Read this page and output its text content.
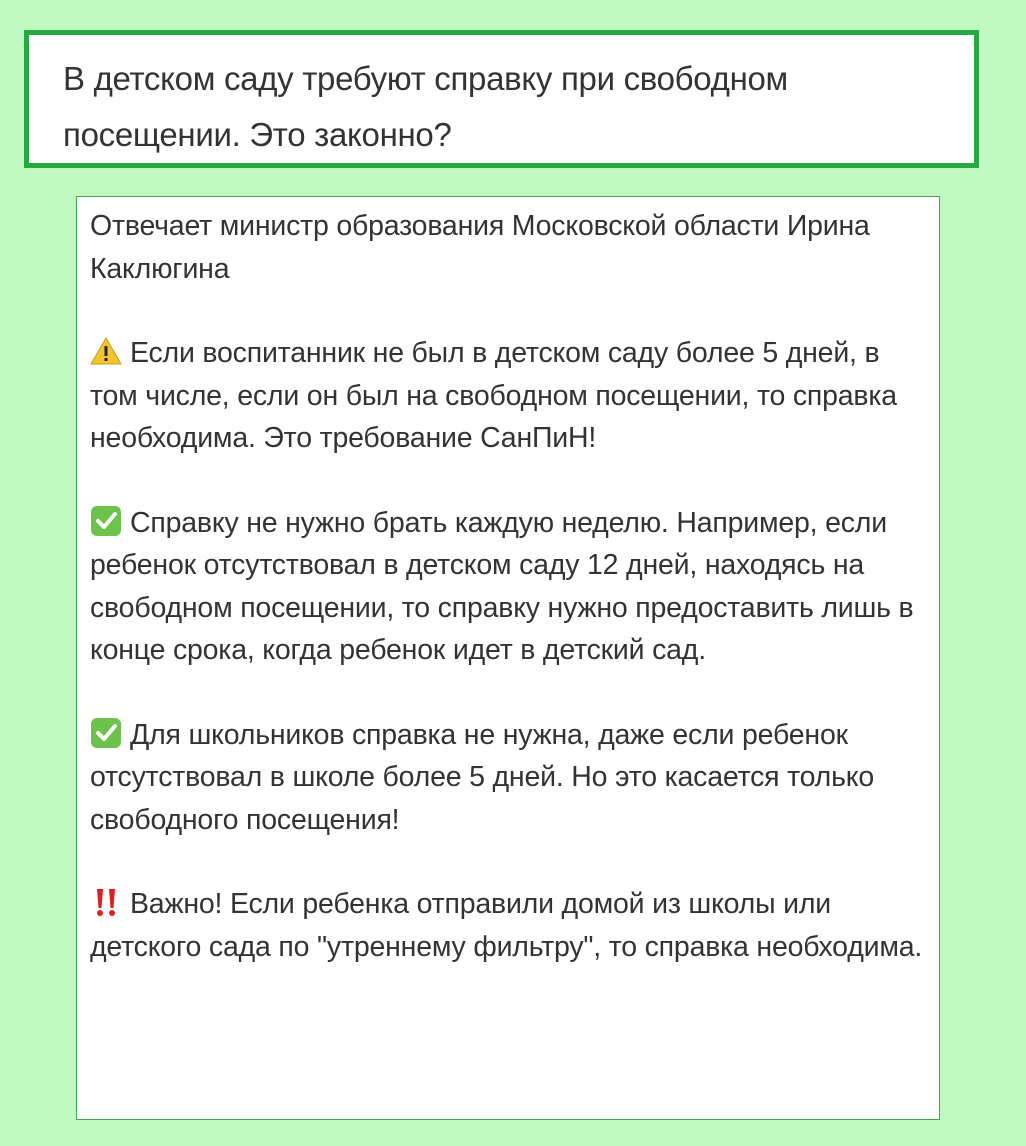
В детском саду требуют справку при свободном посещении. Это законно?

Отвечает министр образования Московской области Ирина Каклюгина

Если воспитанник не был в детском саду более 5 дней, в том числе, если он был на свободном посещении, то справка необходима. Это требование СанПиН!

Справку не нужно брать каждую неделю. Например, если ребенок отсутствовал в детском саду 12 дней, находясь на свободном посещении, то справку нужно предоставить лишь в конце срока, когда ребенок идет в детский сад.

Для школьников справка не нужна, даже если ребенок отсутствовал в школе более 5 дней. Но это касается только свободного посещения!

Важно! Если ребенка отправили домой из школы или детского сада по "утреннему фильтру", то справка необходима.
